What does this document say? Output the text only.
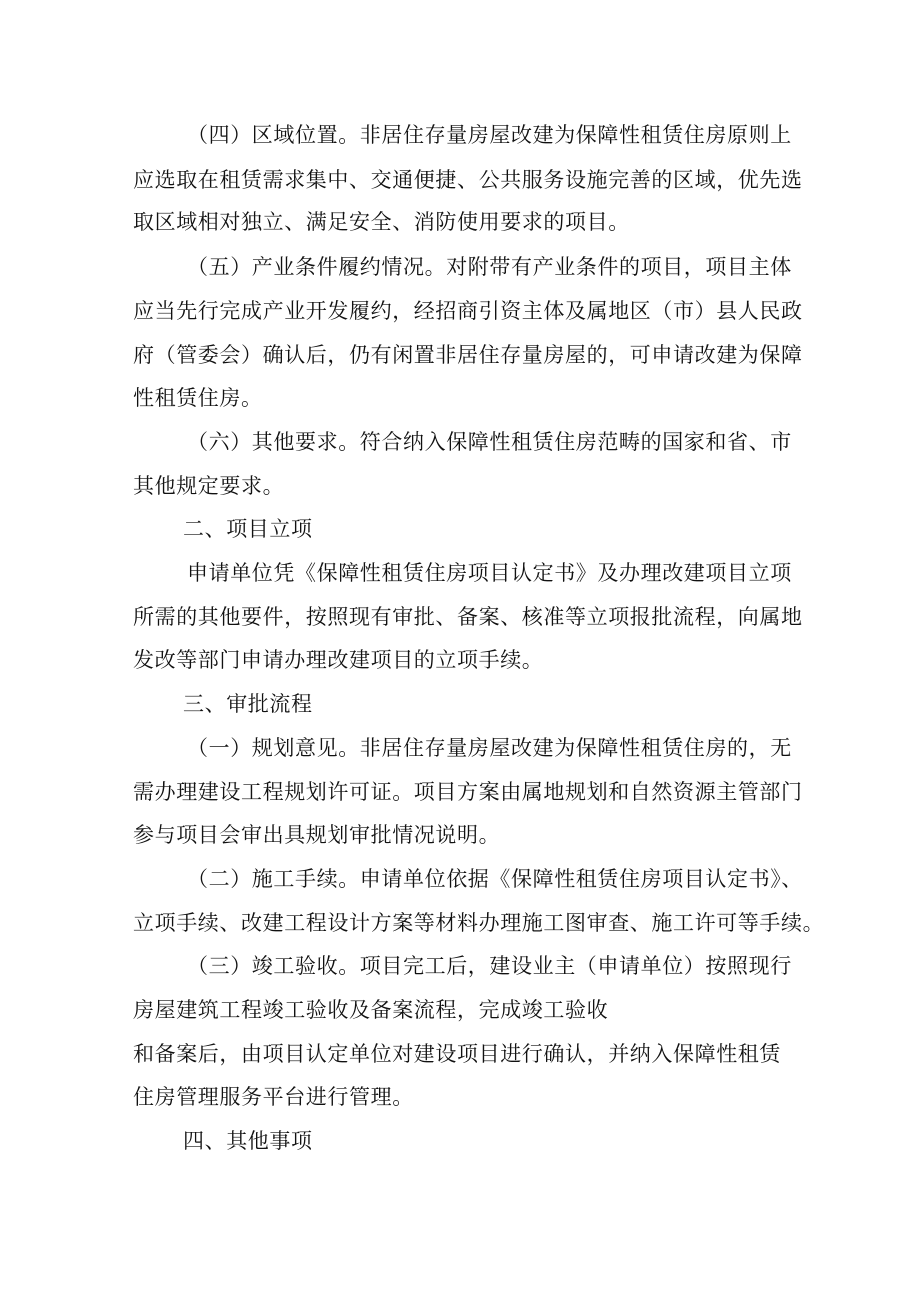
（四）区域位置。非居住存量房屋改建为保障性租赁住房原则上
应选取在租赁需求集中、交通便捷、公共服务设施完善的区域，优先选
取区域相对独立、满足安全、消防使用要求的项目。
（五）产业条件履约情况。对附带有产业条件的项目，项目主体
应当先行完成产业开发履约，经招商引资主体及属地区（市）县人民政
府（管委会）确认后，仍有闲置非居住存量房屋的，可申请改建为保障
性租赁住房。
（六）其他要求。符合纳入保障性租赁住房范畴的国家和省、市
其他规定要求。
二、项目立项
申请单位凭《保障性租赁住房项目认定书》及办理改建项目立项
所需的其他要件，按照现有审批、备案、核准等立项报批流程，向属地
发改等部门申请办理改建项目的立项手续。
三、审批流程
（一）规划意见。非居住存量房屋改建为保障性租赁住房的，无
需办理建设工程规划许可证。项目方案由属地规划和自然资源主管部门
参与项目会审出具规划审批情况说明。
（二）施工手续。申请单位依据《保障性租赁住房项目认定书》、
立项手续、改建工程设计方案等材料办理施工图审查、施工许可等手续。
（三）竣工验收。项目完工后，建设业主（申请单位）按照现行
房屋建筑工程竣工验收及备案流程，完成竣工验收
和备案后，由项目认定单位对建设项目进行确认，并纳入保障性租赁
住房管理服务平台进行管理。
四、其他事项
